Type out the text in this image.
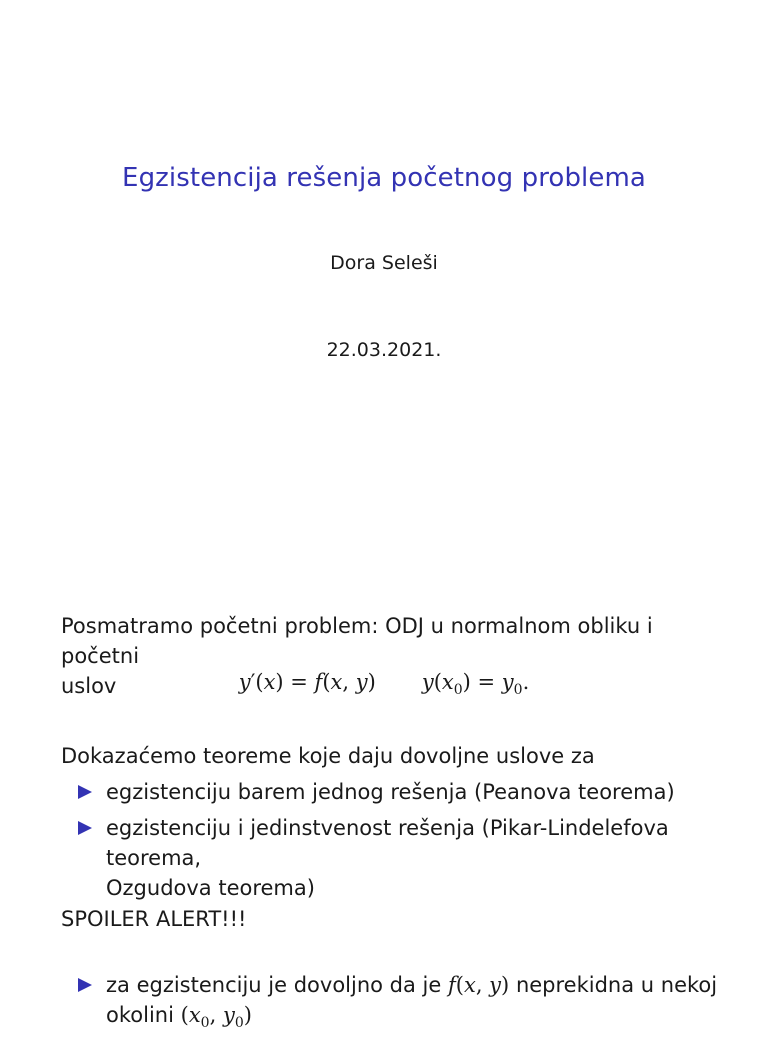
Egzistencija rešenja početnog problema
Dora Seleši
22.03.2021.
Posmatramo početni problem: ODJ u normalnom obliku i početni
uslov	y′(x) = f(x, y) $y(x_0) = y_0$.
Dokazaćemo teoreme koje daju dovoljne uslove za
egzistenciju barem jednog rešenja (Peanova teorema)
egzistenciju i jedinstvenost rešenja (Pikar-Lindelefova teorema,
Ozgudova teorema)
SPOILER ALERT!!!
za egzistenciju je dovoljno da je f(x, y) neprekidna u nekoj
okolini ($x_0$, $y_0$)
